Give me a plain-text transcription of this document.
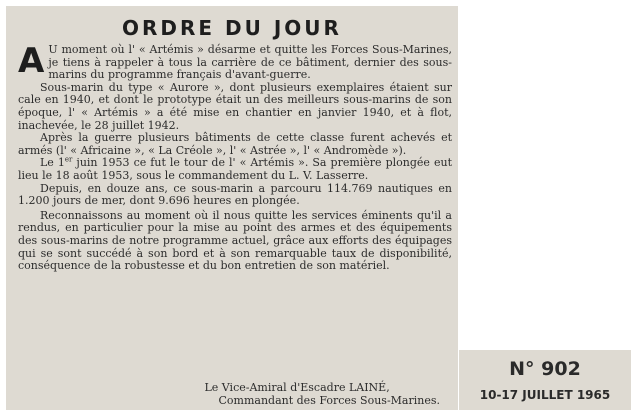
ORDRE DU JOUR

A U moment où l' « Artémis » désarme et quitte les Forces Sous-Marines, je tiens à rappeler à tous la carrière de ce bâtiment, dernier des sous-marins du programme français d'avant-guerre.

Sous-marin du type « Aurore », dont plusieurs exemplaires étaient sur cale en 1940, et dont le prototype était un des meilleurs sous-marins de son époque, l' « Artémis » a été mise en chantier en janvier 1940, et à flot, inachevée, le 28 juillet 1942.

Après la guerre plusieurs bâtiments de cette classe furent achevés et armés (l' « Africaine », « La Créole », l' « Astrée », l' « Andromède »).

Le 1er juin 1953 ce fut le tour de l' « Artémis ». Sa première plongée eut lieu le 18 août 1953, sous le commandement du L. V. Lasserre.

Depuis, en douze ans, ce sous-marin a parcouru 114.769 nautiques en 1.200 jours de mer, dont 9.696 heures en plongée.

Reconnaissons au moment où il nous quitte les services éminents qu'il a rendus, en particulier pour la mise au point des armes et des équipements des sous-marins de notre programme actuel, grâce aux efforts des équipages qui se sont succédé à son bord et à son remarquable taux de disponibilité, conséquence de la robustesse et du bon entretien de son matériel.

Le Vice-Amiral d'Escadre LAINÉ,
Commandant des Forces Sous-Marines.
N° 902
10-17 JUILLET 1965
